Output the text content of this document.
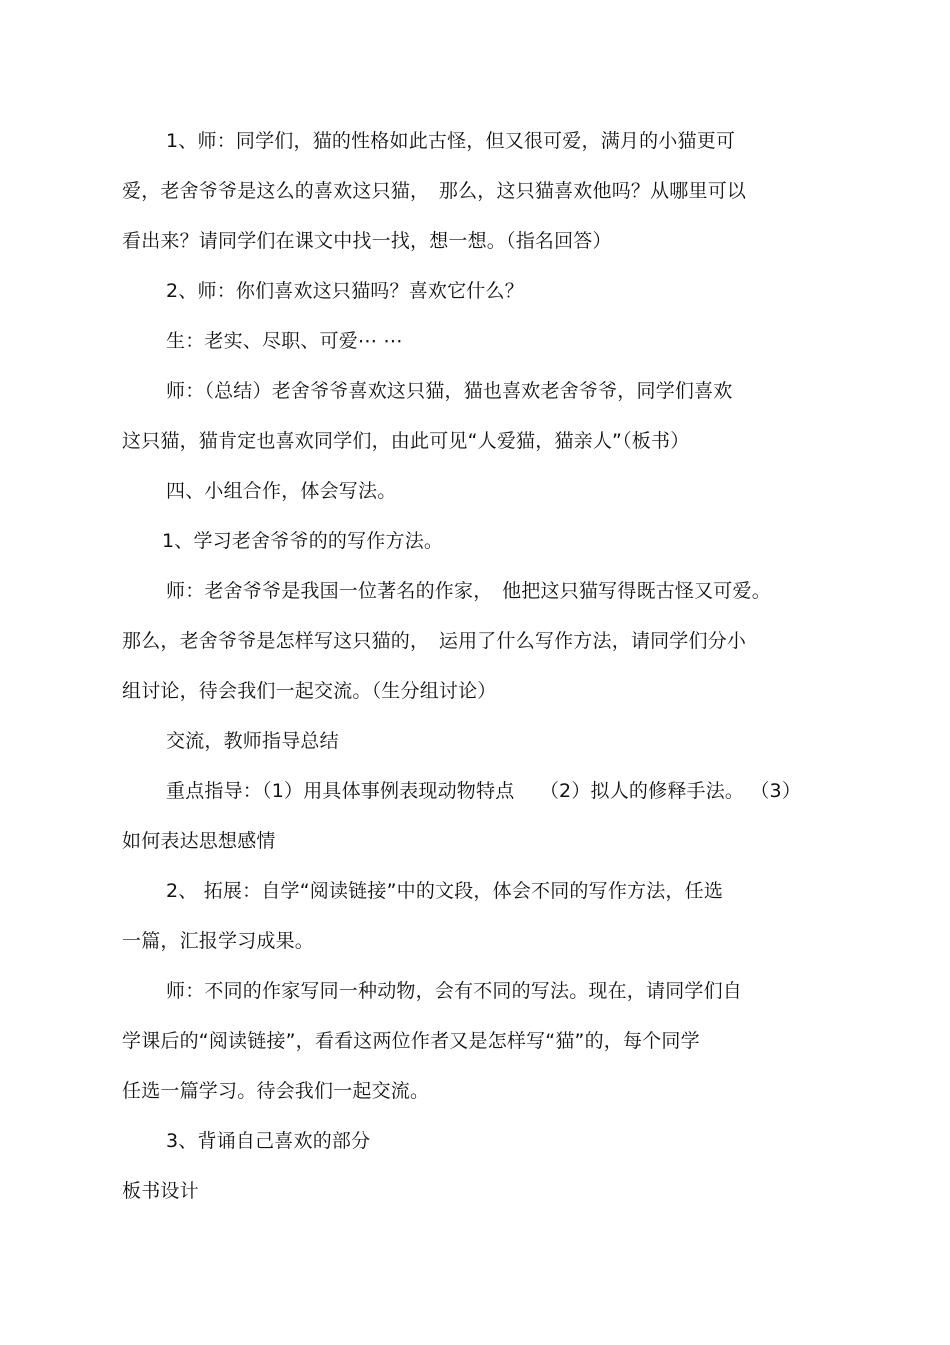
1、师：同学们，猫的性格如此古怪，但又很可爱，满月的小猫更可
爱，老舍爷爷是这么的喜欢这只猫，　那么，这只猫喜欢他吗？从哪里可以
看出来？请同学们在课文中找一找，想一想。（指名回答）
2、师：你们喜欢这只猫吗？喜欢它什么？
生：老实、尽职、可爱⋯ ⋯
师：（总结）老舍爷爷喜欢这只猫，猫也喜欢老舍爷爷，同学们喜欢
这只猫，猫肯定也喜欢同学们，由此可见“人爱猫，猫亲人”（板书）
四、小组合作，体会写法。
1、学习老舍爷爷的的写作方法。
师：老舍爷爷是我国一位著名的作家，　他把这只猫写得既古怪又可爱。
那么，老舍爷爷是怎样写这只猫的，　运用了什么写作方法，请同学们分小
组讨论，待会我们一起交流。（生分组讨论）
交流，教师指导总结
重点指导：（1）用具体事例表现动物特点　 （2）拟人的修释手法。 （3）
如何表达思想感情
2、 拓展：自学“阅读链接”中的文段，体会不同的写作方法，任选
一篇，汇报学习成果。
师：不同的作家写同一种动物，会有不同的写法。现在，请同学们自
学课后的“阅读链接”，看看这两位作者又是怎样写“猫”的，每个同学
任选一篇学习。待会我们一起交流。
3、背诵自己喜欢的部分
板书设计
